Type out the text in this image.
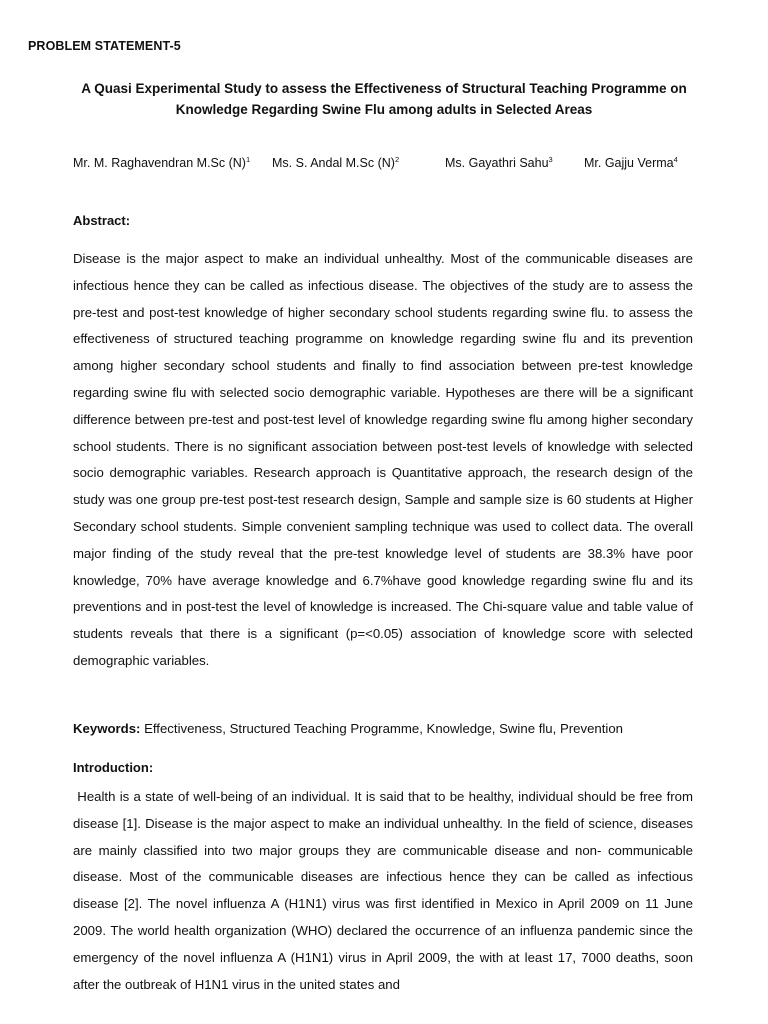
PROBLEM STATEMENT-5
A Quasi Experimental Study to assess the Effectiveness of Structural Teaching Programme on Knowledge Regarding Swine Flu among adults in Selected Areas
Mr. M. Raghavendran M.Sc $(N)^1$ Ms. S. Andal M.Sc $(N)^2$	Ms. Gayathri Sahu$^3$	Mr. Gajju Verma$^4$
Abstract:
Disease is the major aspect to make an individual unhealthy. Most of the communicable diseases are infectious hence they can be called as infectious disease. The objectives of the study are to assess the pre-test and post-test knowledge of higher secondary school students regarding swine flu. to assess the effectiveness of structured teaching programme on knowledge regarding swine flu and its prevention among higher secondary school students and finally to find association between pre-test knowledge regarding swine flu with selected socio demographic variable. Hypotheses are there will be a significant difference between pre-test and post-test level of knowledge regarding swine flu among higher secondary school students. There is no significant association between post-test levels of knowledge with selected socio demographic variables. Research approach is Quantitative approach, the research design of the study was one group pre-test post-test research design, Sample and sample size is 60 students at Higher Secondary school students. Simple convenient sampling technique was used to collect data. The overall major finding of the study reveal that the pre-test knowledge level of students are 38.3% have poor knowledge, 70% have average knowledge and 6.7%have good knowledge regarding swine flu and its preventions and in post-test the level of knowledge is increased. The Chi-square value and table value of students reveals that there is a significant (p=<0.05) association of knowledge score with selected demographic variables.
Keywords: Effectiveness, Structured Teaching Programme, Knowledge, Swine flu, Prevention
Introduction:
Health is a state of well-being of an individual. It is said that to be healthy, individual should be free from disease [1]. Disease is the major aspect to make an individual unhealthy. In the field of science, diseases are mainly classified into two major groups they are communicable disease and non- communicable disease. Most of the communicable diseases are infectious hence they can be called as infectious disease [2]. The novel influenza A (H1N1) virus was first identified in Mexico in April 2009 on 11 June 2009. The world health organization (WHO) declared the occurrence of an influenza pandemic since the emergency of the novel influenza A (H1N1) virus in April 2009, the with at least 17, 7000 deaths, soon after the outbreak of H1N1 virus in the united states and
